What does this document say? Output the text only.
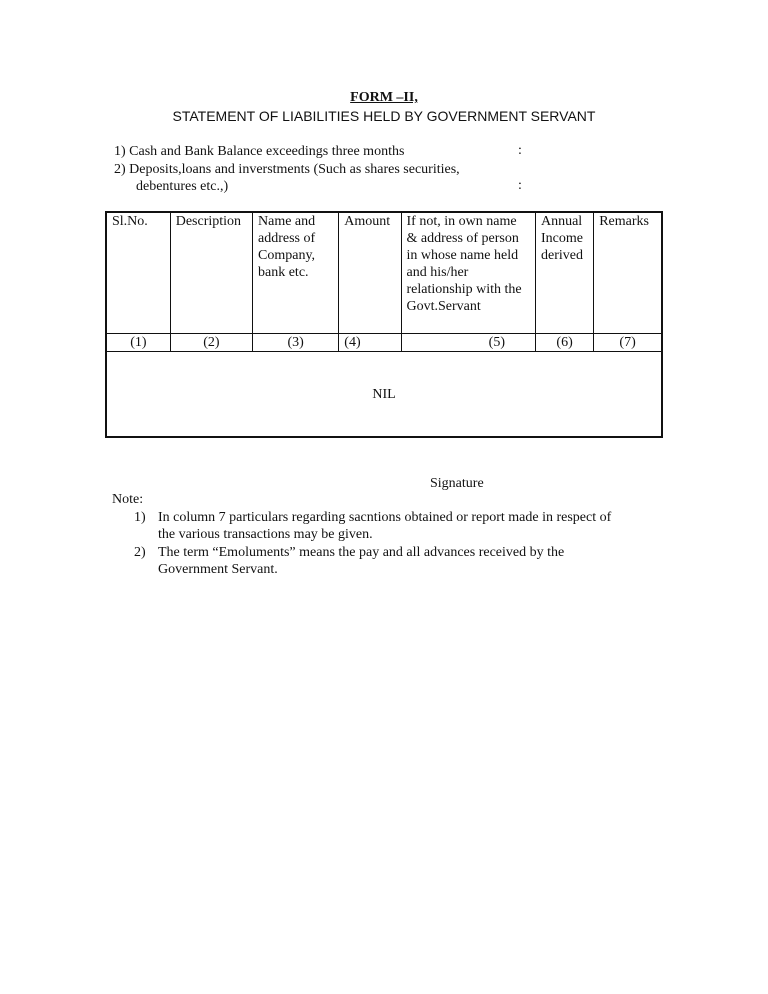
FORM –II,
STATEMENT OF LIABILITIES HELD BY GOVERNMENT SERVANT
1) Cash and Bank Balance exceedings three months	:
2) Deposits,loans and inverstments (Such as shares securities,
debentures etc.,)	:
Sl.No.	Description	Name and address of Company, bank etc.	Amount	If not, in own name & address of person in whose name held and his/her relationship with the Govt.Servant	Annual Income derived	Remarks
(1)	(2)	(3)	(4)	(5)	(6)	(7)
NIL						
Signature
Note:
1) In column 7 particulars regarding sacntions obtained or report made in respect of
the various transactions may be given.
2) The term “Emoluments” means the pay and all advances received by the
Government Servant.
